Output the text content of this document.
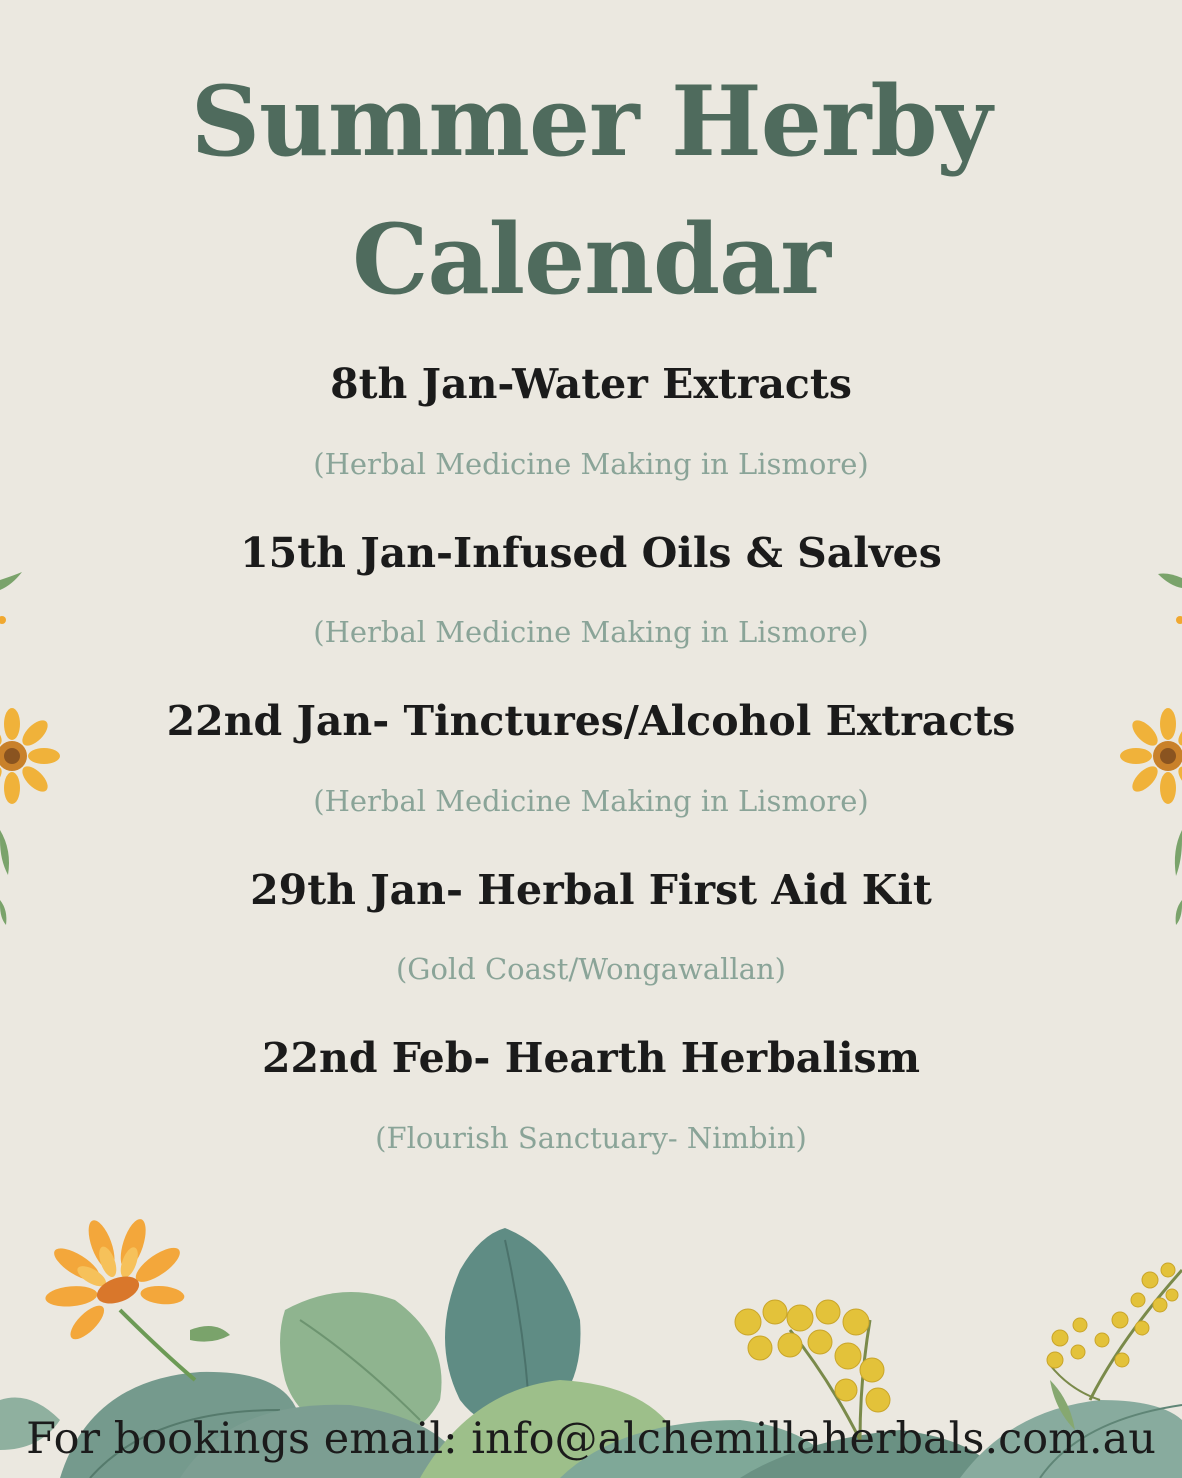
Summer Herby
Calendar
8th Jan-Water Extracts
(Herbal Medicine Making in Lismore)
15th Jan-Infused Oils & Salves
(Herbal Medicine Making in Lismore)
22nd Jan- Tinctures/Alcohol Extracts
(Herbal Medicine Making in Lismore)
29th Jan- Herbal First Aid Kit
(Gold Coast/Wongawallan)
22nd Feb- Hearth Herbalism
(Flourish Sanctuary- Nimbin)
For bookings email: info@alchemillaherbals.com.au
